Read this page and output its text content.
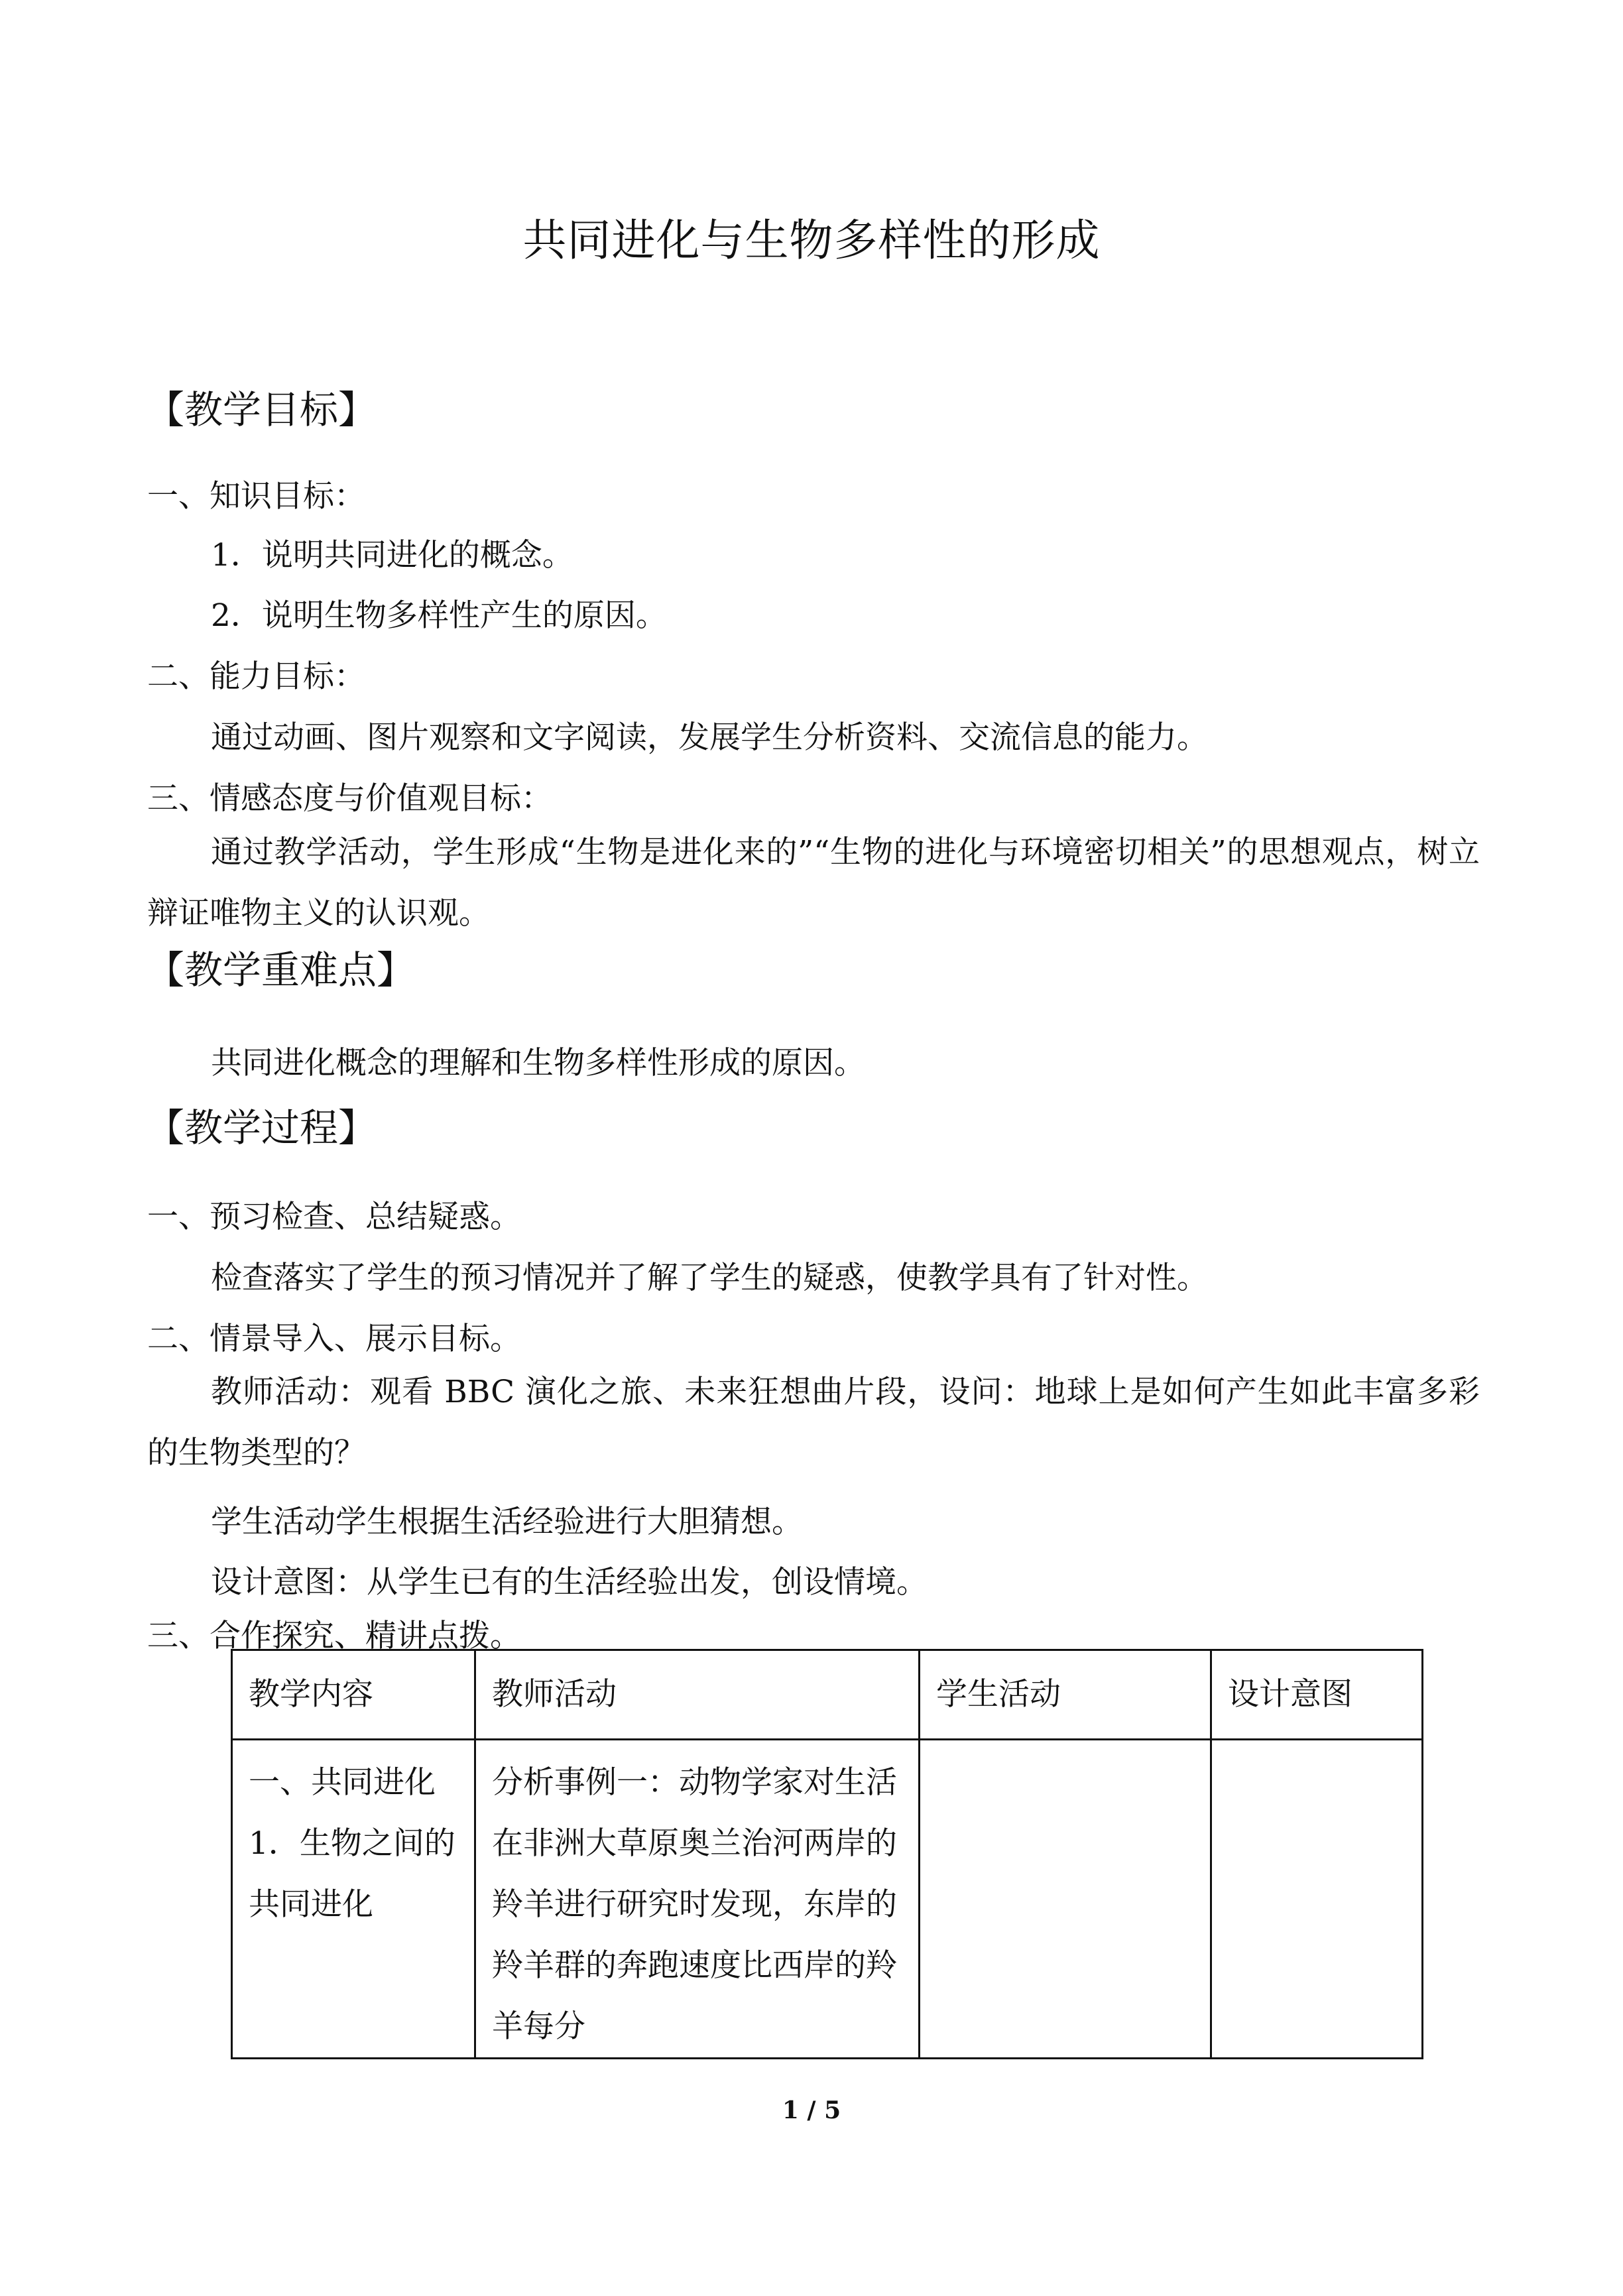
共同进化与生物多样性的形成
【教学目标】
一、知识目标：
1．说明共同进化的概念。
2．说明生物多样性产生的原因。
二、能力目标：
通过动画、图片观察和文字阅读，发展学生分析资料、交流信息的能力。
三、情感态度与价值观目标：
通过教学活动，学生形成“生物是进化来的”“生物的进化与环境密切相关”的思想观点，树立辩证唯物主义的认识观。
【教学重难点】
共同进化概念的理解和生物多样性形成的原因。
【教学过程】
一、预习检查、总结疑惑。
检查落实了学生的预习情况并了解了学生的疑惑，使教学具有了针对性。
二、情景导入、展示目标。
教师活动：观看 BBC 演化之旅、未来狂想曲片段，设问：地球上是如何产生如此丰富多彩的生物类型的？
学生活动学生根据生活经验进行大胆猜想。
设计意图：从学生已有的生活经验出发，创设情境。
三、合作探究、精讲点拨。
教学内容	教师活动	学生活动	设计意图
一、共同进化1．生物之间的共同进化	分析事例一：动物学家对生活在非洲大草原奥兰治河两岸的羚羊进行研究时发现，东岸的羚羊群的奔跑速度比西岸的羚羊每分		
1 / 5
